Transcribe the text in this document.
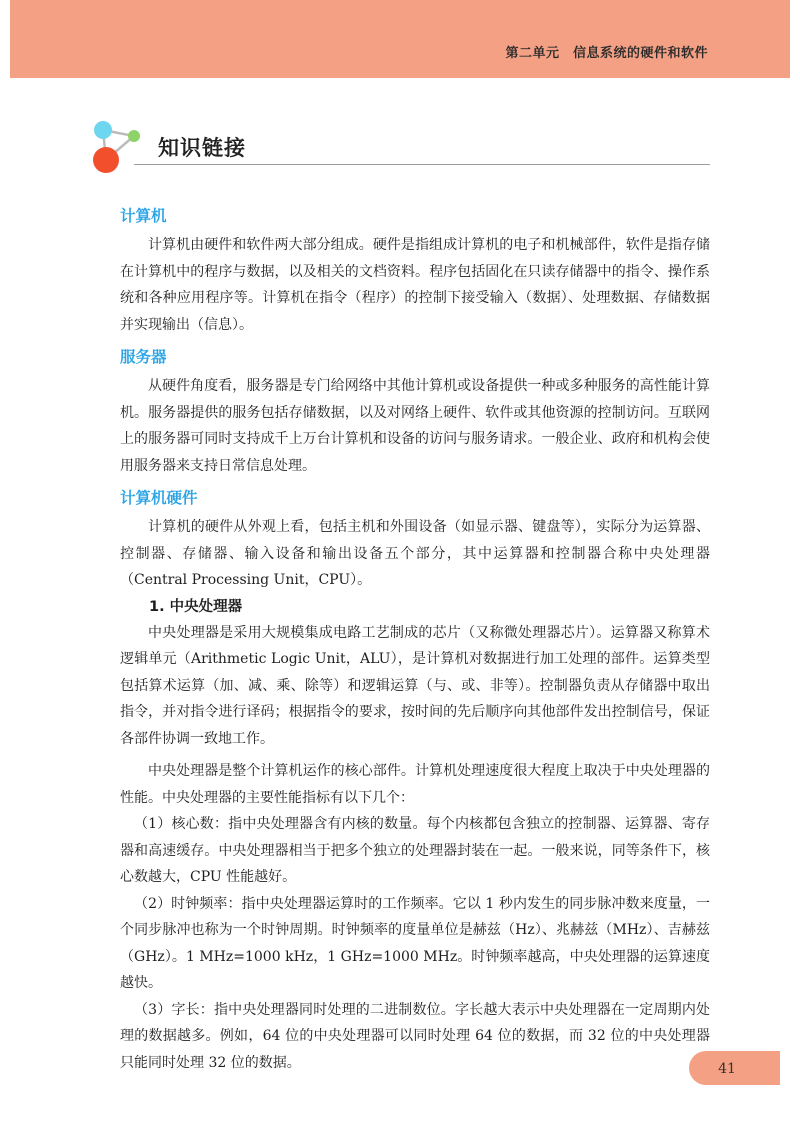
第二单元　信息系统的硬件和软件
知识链接
计算机

计算机由硬件和软件两大部分组成。硬件是指组成计算机的电子和机械部件，软件是指存储在计算机中的程序与数据，以及相关的文档资料。程序包括固化在只读存储器中的指令、操作系统和各种应用程序等。计算机在指令（程序）的控制下接受输入（数据）、处理数据、存储数据并实现输出（信息）。

服务器

从硬件角度看，服务器是专门给网络中其他计算机或设备提供一种或多种服务的高性能计算机。服务器提供的服务包括存储数据，以及对网络上硬件、软件或其他资源的控制访问。互联网上的服务器可同时支持成千上万台计算机和设备的访问与服务请求。一般企业、政府和机构会使用服务器来支持日常信息处理。

计算机硬件

计算机的硬件从外观上看，包括主机和外围设备（如显示器、键盘等），实际分为运算器、控制器、存储器、输入设备和输出设备五个部分，其中运算器和控制器合称中央处理器（Central Processing Unit，CPU）。

1. 中央处理器

中央处理器是采用大规模集成电路工艺制成的芯片（又称微处理器芯片）。运算器又称算术逻辑单元（Arithmetic Logic Unit，ALU），是计算机对数据进行加工处理的部件。运算类型包括算术运算（加、减、乘、除等）和逻辑运算（与、或、非等）。控制器负责从存储器中取出指令，并对指令进行译码；根据指令的要求，按时间的先后顺序向其他部件发出控制信号，保证各部件协调一致地工作。

中央处理器是整个计算机运作的核心部件。计算机处理速度很大程度上取决于中央处理器的性能。中央处理器的主要性能指标有以下几个：

（1）核心数：指中央处理器含有内核的数量。每个内核都包含独立的控制器、运算器、寄存器和高速缓存。中央处理器相当于把多个独立的处理器封装在一起。一般来说，同等条件下，核心数越大，CPU 性能越好。

（2）时钟频率：指中央处理器运算时的工作频率。它以 1 秒内发生的同步脉冲数来度量，一个同步脉冲也称为一个时钟周期。时钟频率的度量单位是赫兹（Hz）、兆赫兹（MHz）、吉赫兹（GHz）。1 MHz=1000 kHz，1 GHz=1000 MHz。时钟频率越高，中央处理器的运算速度越快。

（3）字长：指中央处理器同时处理的二进制数位。字长越大表示中央处理器在一定周期内处理的数据越多。例如，64 位的中央处理器可以同时处理 64 位的数据，而 32 位的中央处理器只能同时处理 32 位的数据。	41
